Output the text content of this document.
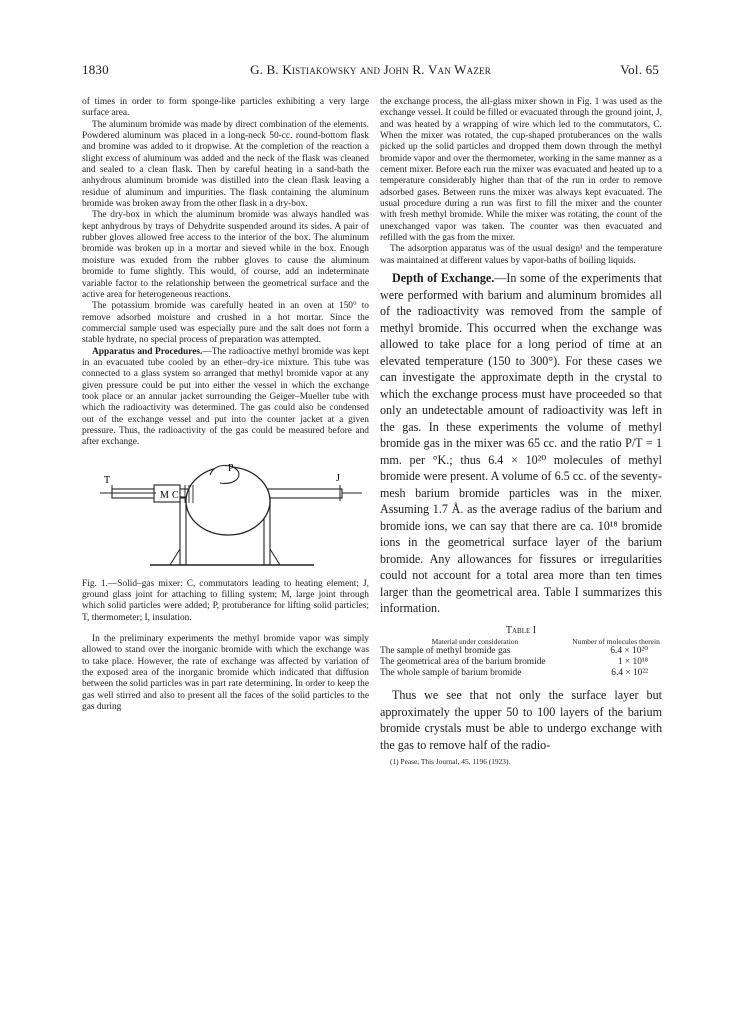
1830	G. B. Kistiakowsky and John R. Van Wazer	Vol. 65

of times in order to form sponge-like particles exhibiting a very large surface area.

The aluminum bromide was made by direct combination of the elements. Powdered aluminum was placed in a long-neck 50-cc. round-bottom flask and bromine was added to it dropwise. At the completion of the reaction a slight excess of aluminum was added and the neck of the flask was cleaned and sealed to a clean flask. Then by careful heating in a sand-bath the anhydrous aluminum bromide was distilled into the clean flask leaving a residue of aluminum and impurities. The flask containing the aluminum bromide was broken away from the other flask in a dry-box.

The dry-box in which the aluminum bromide was always handled was kept anhydrous by trays of Dehydrite suspended around its sides. A pair of rubber gloves allowed free access to the interior of the box. The aluminum bromide was broken up in a mortar and sieved while in the box. Enough moisture was exuded from the rubber gloves to cause the aluminum bromide to fume slightly. This would, of course, add an indeterminate variable factor to the relationship between the geometrical surface and the active area for heterogeneous reactions.

The potassium bromide was carefully heated in an oven at 150° to remove adsorbed moisture and crushed in a hot mortar. Since the commercial sample used was especially pure and the salt does not form a stable hydrate, no special process of preparation was attempted.

Apparatus and Procedures.—The radioactive methyl bromide was kept in an evacuated tube cooled by an ether–dry-ice mixture. This tube was connected to a glass system so arranged that methyl bromide vapor at any given pressure could be put into either the vessel in which the exchange took place or an annular jacket surrounding the Geiger–Mueller tube with which the radioactivity was determined. The gas could also be condensed out of the exchange vessel and put into the counter jacket at a given pressure. Thus, the radioactivity of the gas could be measured before and after exchange.

T
M C
P
J

Fig. 1.—Solid–gas mixer: C, commutators leading to heating element; J, ground glass joint for attaching to filling system; M, large joint through which solid particles were added; P, protuberance for lifting solid particles; T, thermometer; I, insulation.

In the preliminary experiments the methyl bromide vapor was simply allowed to stand over the inorganic bromide with which the exchange was to take place. However, the rate of exchange was affected by variation of the exposed area of the inorganic bromide which indicated that diffusion between the solid particles was in part rate determining. In order to keep the gas well stirred and also to present all the faces of the solid particles to the gas during

the exchange process, the all-glass mixer shown in Fig. 1 was used as the exchange vessel. It could be filled or evacuated through the ground joint, J, and was heated by a wrapping of wire which led to the commutators, C. When the mixer was rotated, the cup-shaped protuberances on the walls picked up the solid particles and dropped them down through the methyl bromide vapor and over the thermometer, working in the same manner as a cement mixer. Before each run the mixer was evacuated and heated up to a temperature considerably higher than that of the run in order to remove adsorbed gases. Between runs the mixer was always kept evacuated. The usual procedure during a run was first to fill the mixer and the counter with fresh methyl bromide. While the mixer was rotating, the count of the unexchanged vapor was taken. The counter was then evacuated and refilled with the gas from the mixer.

The adsorption apparatus was of the usual design¹ and the temperature was maintained at different values by vapor-baths of boiling liquids.

Depth of Exchange.—In some of the experiments that were performed with barium and aluminum bromides all of the radioactivity was removed from the sample of methyl bromide. This occurred when the exchange was allowed to take place for a long period of time at an elevated temperature (150 to 300°). For these cases we can investigate the approximate depth in the crystal to which the exchange process must have proceeded so that only an undetectable amount of radioactivity was left in the gas. In these experiments the volume of methyl bromide gas in the mixer was 65 cc. and the ratio P/T = 1 mm. per °K.; thus 6.4 × 10²⁰ molecules of methyl bromide were present. A volume of 6.5 cc. of the seventy-mesh barium bromide particles was in the mixer. Assuming 1.7 Å. as the average radius of the barium and bromide ions, we can say that there are ca. 10¹⁸ bromide ions in the geometrical surface layer of the barium bromide. Any allowances for fissures or irregularities could not account for a total area more than ten times larger than the geometrical area. Table I summarizes this information.

Table I
Material under consideration	Number of molecules therein
The sample of methyl bromide gas	6.4 × 10²⁰
The geometrical area of the barium bromide	1 × 10¹⁸
The whole sample of barium bromide	6.4 × 10²²

Thus we see that not only the surface layer but approximately the upper 50 to 100 layers of the barium bromide crystals must be able to undergo exchange with the gas to remove half of the radio-

(1) Pease, This Journal, 45, 1196 (1923).
